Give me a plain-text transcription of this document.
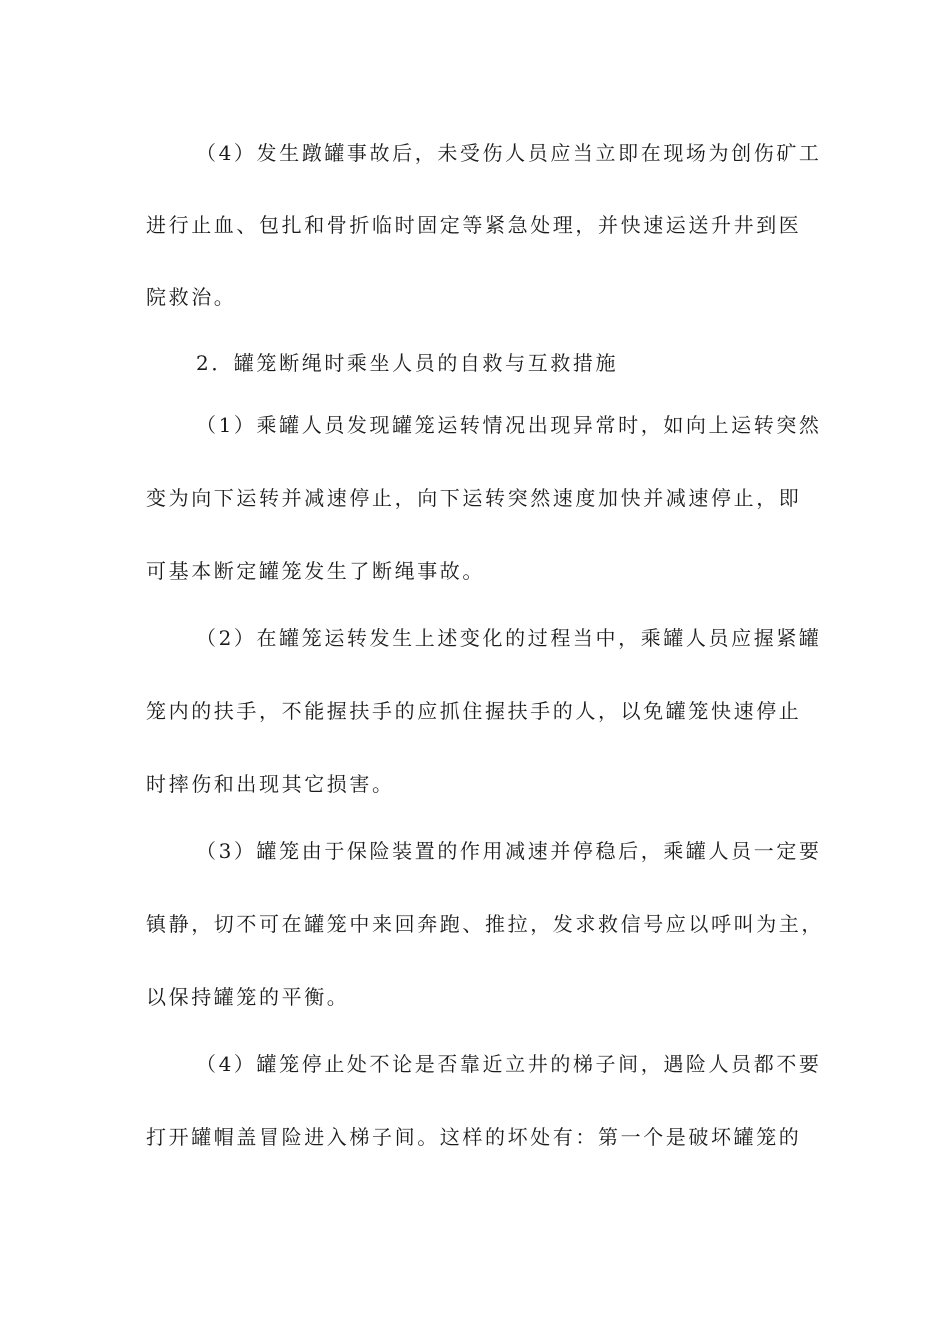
（4）发生蹾罐事故后，未受伤人员应当立即在现场为创伤矿工
进行止血、包扎和骨折临时固定等紧急处理，并快速运送升井到医
院救治。
2．罐笼断绳时乘坐人员的自救与互救措施
（1）乘罐人员发现罐笼运转情况出现异常时，如向上运转突然
变为向下运转并减速停止，向下运转突然速度加快并减速停止，即
可基本断定罐笼发生了断绳事故。
（2）在罐笼运转发生上述变化的过程当中，乘罐人员应握紧罐
笼内的扶手，不能握扶手的应抓住握扶手的人，以免罐笼快速停止
时摔伤和出现其它损害。
（3）罐笼由于保险装置的作用减速并停稳后，乘罐人员一定要
镇静，切不可在罐笼中来回奔跑、推拉，发求救信号应以呼叫为主，
以保持罐笼的平衡。
（4）罐笼停止处不论是否靠近立井的梯子间，遇险人员都不要
打开罐帽盖冒险进入梯子间。这样的坏处有：第一个是破坏罐笼的
